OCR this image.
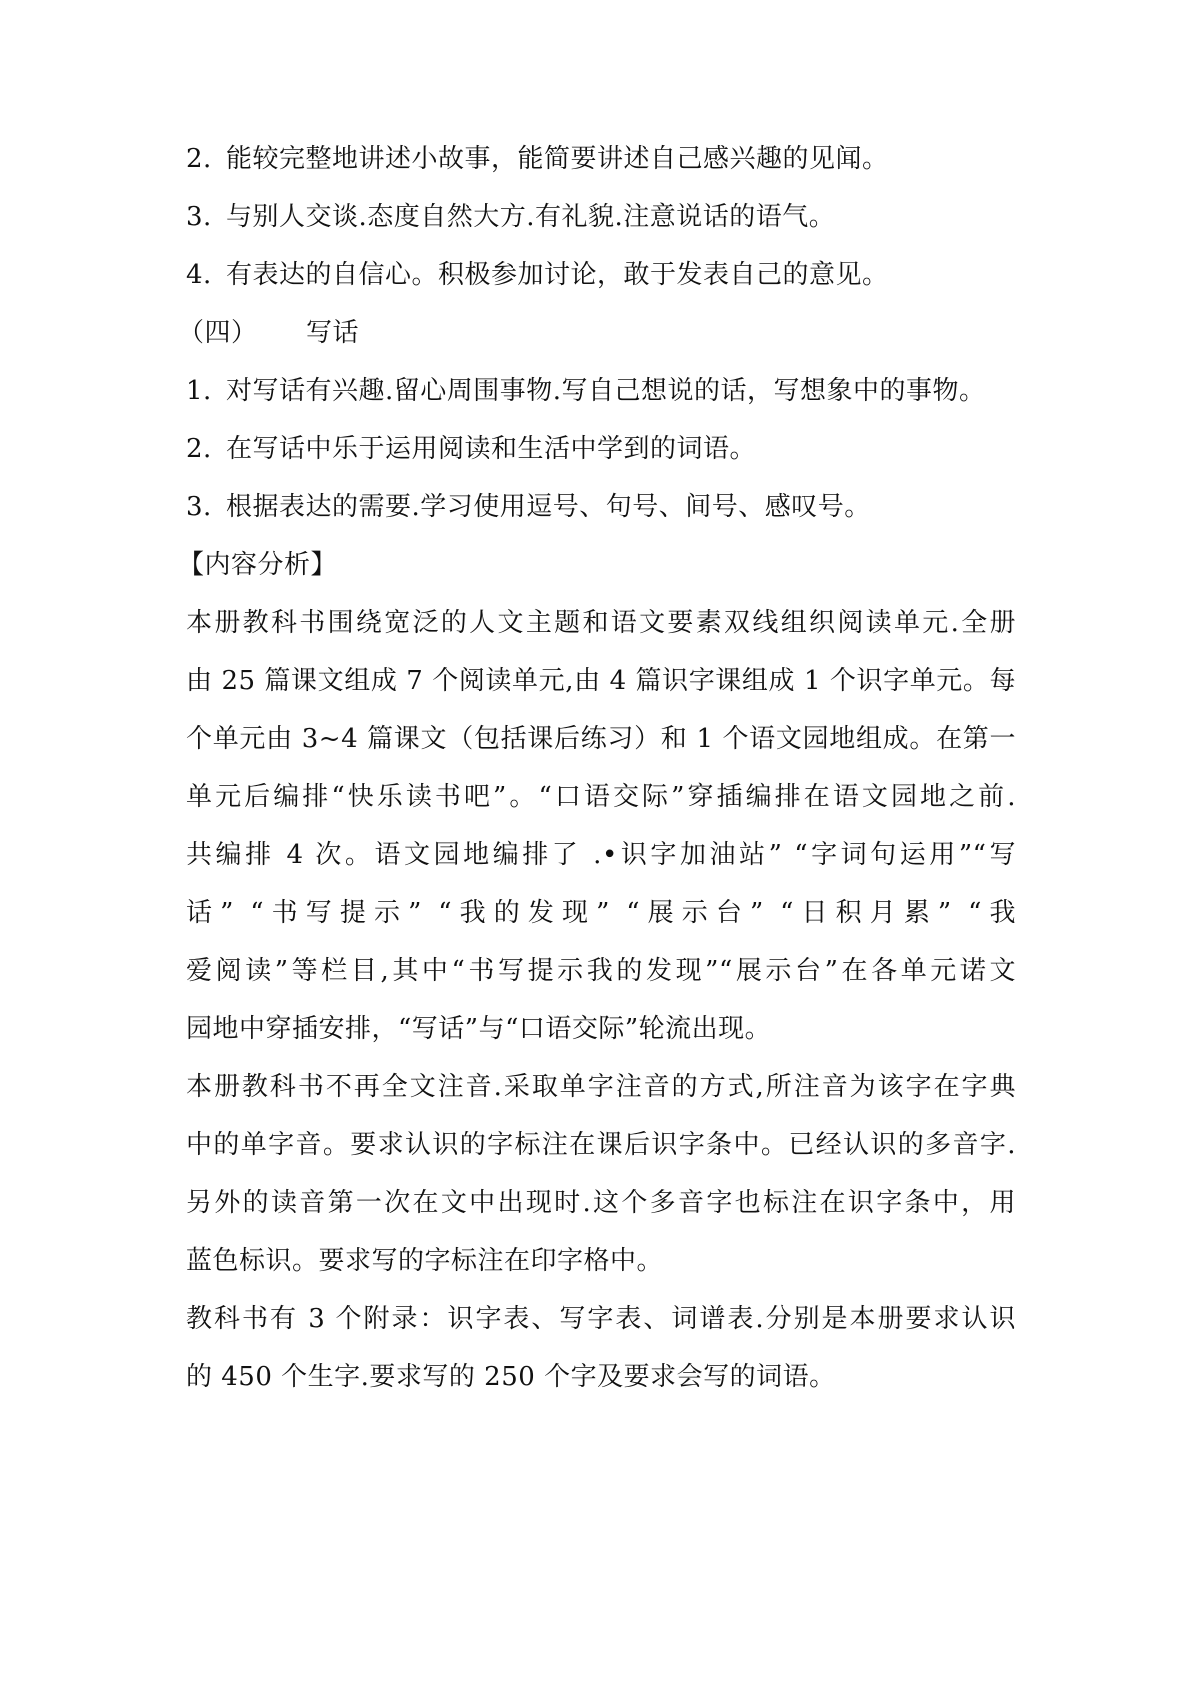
2. 能较完整地讲述小故事，能简要讲述自己感兴趣的见闻。
3. 与别人交谈.态度自然大方.有礼貌.注意说话的语气。
4. 有表达的自信心。积极参加讨论，敢于发表自己的意见。
（四） 写话
1. 对写话有兴趣.留心周围事物.写自己想说的话，写想象中的事物。
2. 在写话中乐于运用阅读和生活中学到的词语。
3. 根据表达的需要.学习使用逗号、句号、间号、感叹号。
【内容分析】
本册教科书围绕宽泛的人文主题和语文要素双线组织阅读单元.全册
由 25 篇课文组成 7 个阅读单元,由 4 篇识字课组成 1 个识字单元。每
个单元由 3~4 篇课文（包括课后练习）和 1 个语文园地组成。在第一
单元后编排“快乐读书吧”。“口语交际”穿插编排在语文园地之前.
共编排 4 次。语文园地编排了 .•识字加油站” “字词句运用”“写
话” “书写提示” “我的发现” “展示台” “日积月累” “我
爱阅读”等栏目,其中“书写提示我的发现”“展示台”在各单元诺文
园地中穿插安排，“写话”与“口语交际”轮流出现。
本册教科书不再全文注音.采取单字注音的方式,所注音为该字在字典
中的单字音。要求认识的字标注在课后识字条中。已经认识的多音字.
另外的读音第一次在文中出现时.这个多音字也标注在识字条中，用
蓝色标识。要求写的字标注在印字格中。
教科书有 3 个附录：识字表、写字表、词谱表.分别是本册要求认识
的 450 个生字.要求写的 250 个字及要求会写的词语。
